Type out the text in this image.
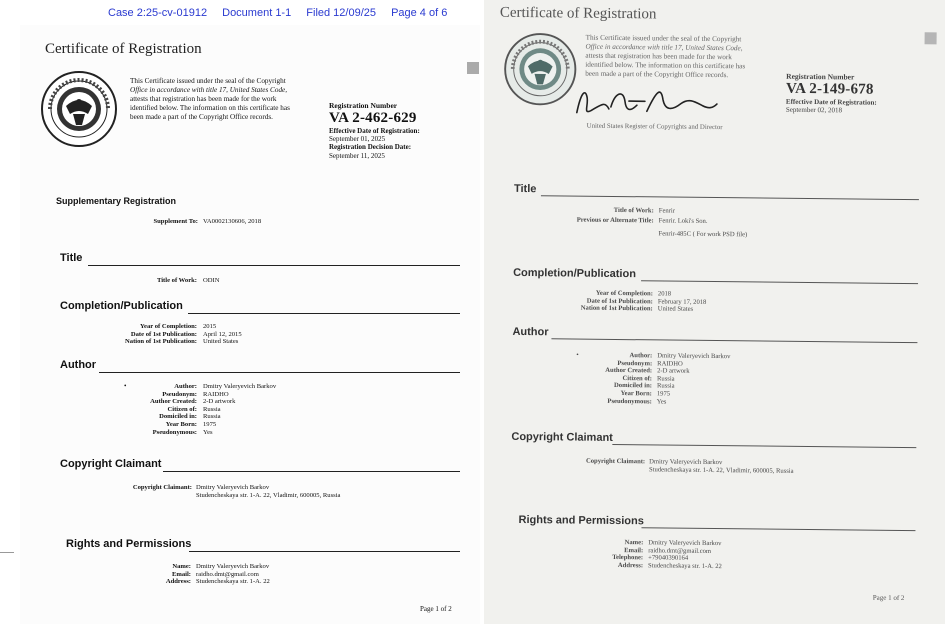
Case 2:25-cv-01912 Document 1-1 Filed 12/09/25 Page 4 of 6
Certificate of Registration
This Certificate issued under the seal of the Copyright
Office in accordance with title 17, United States Code,
attests that registration has been made for the work
identified below. The information on this certificate has
been made a part of the Copyright Office records.
Registration Number
VA 2-462-629
Effective Date of Registration:
September 01, 2025
Registration Decision Date:
September 11, 2025
Supplementary Registration
Supplement To: VA0002130606, 2018
Title
Title of Work: ODIN
Completion/Publication
Year of Completion: 2015
Date of 1st Publication: April 12, 2015
Nation of 1st Publication: United States
Author
•	Author: Dmitry Valeryevich Barkov
Pseudonym: RAIDHO
Author Created: 2-D artwork
Citizen of: Russia
Domiciled in: Russia
Year Born: 1975
Pseudonymous: Yes
Copyright Claimant
Copyright Claimant: Dmitry Valeryevich Barkov
Studencheskaya str. 1-A. 22, Vladimir, 600005, Russia
Rights and Permissions
Name: Dmitry Valeryevich Barkov
Email: raidho.dmt@gmail.com
Address: Studencheskaya str. 1-A. 22
Page 1 of 2
Certificate of Registration
This Certificate issued under the seal of the Copyright
Office in accordance with title 17, United States Code,
attests that registration has been made for the work
identified below. The information on this certificate has
been made a part of the Copyright Office records.
United States Register of Copyrights and Director
Registration Number
VA 2-149-678
Effective Date of Registration:
September 02, 2018
Title
Title of Work: Fenrir
Previous or Alternate Title: Fenrir. Loki's Son.
Fenrir-485C ( For work PSD file)
Completion/Publication
Year of Completion: 2018
Date of 1st Publication: February 17, 2018
Nation of 1st Publication: United States
Author
•	Author: Dmitry Valeryevich Barkov
Pseudonym: RAIDHO
Author Created: 2-D artwork
Citizen of: Russia
Domiciled in: Russia
Year Born: 1975
Pseudonymous: Yes
Copyright Claimant
Copyright Claimant: Dmitry Valeryevich Barkov
Studencheskaya str. 1-A. 22, Vladimir, 600005, Russia
Rights and Permissions
Name: Dmitry Valeryevich Barkov
Email: raidho.dmt@gmail.com
Telephone: +79040390164
Address: Studencheskaya str. 1-A. 22
Page 1 of 2
